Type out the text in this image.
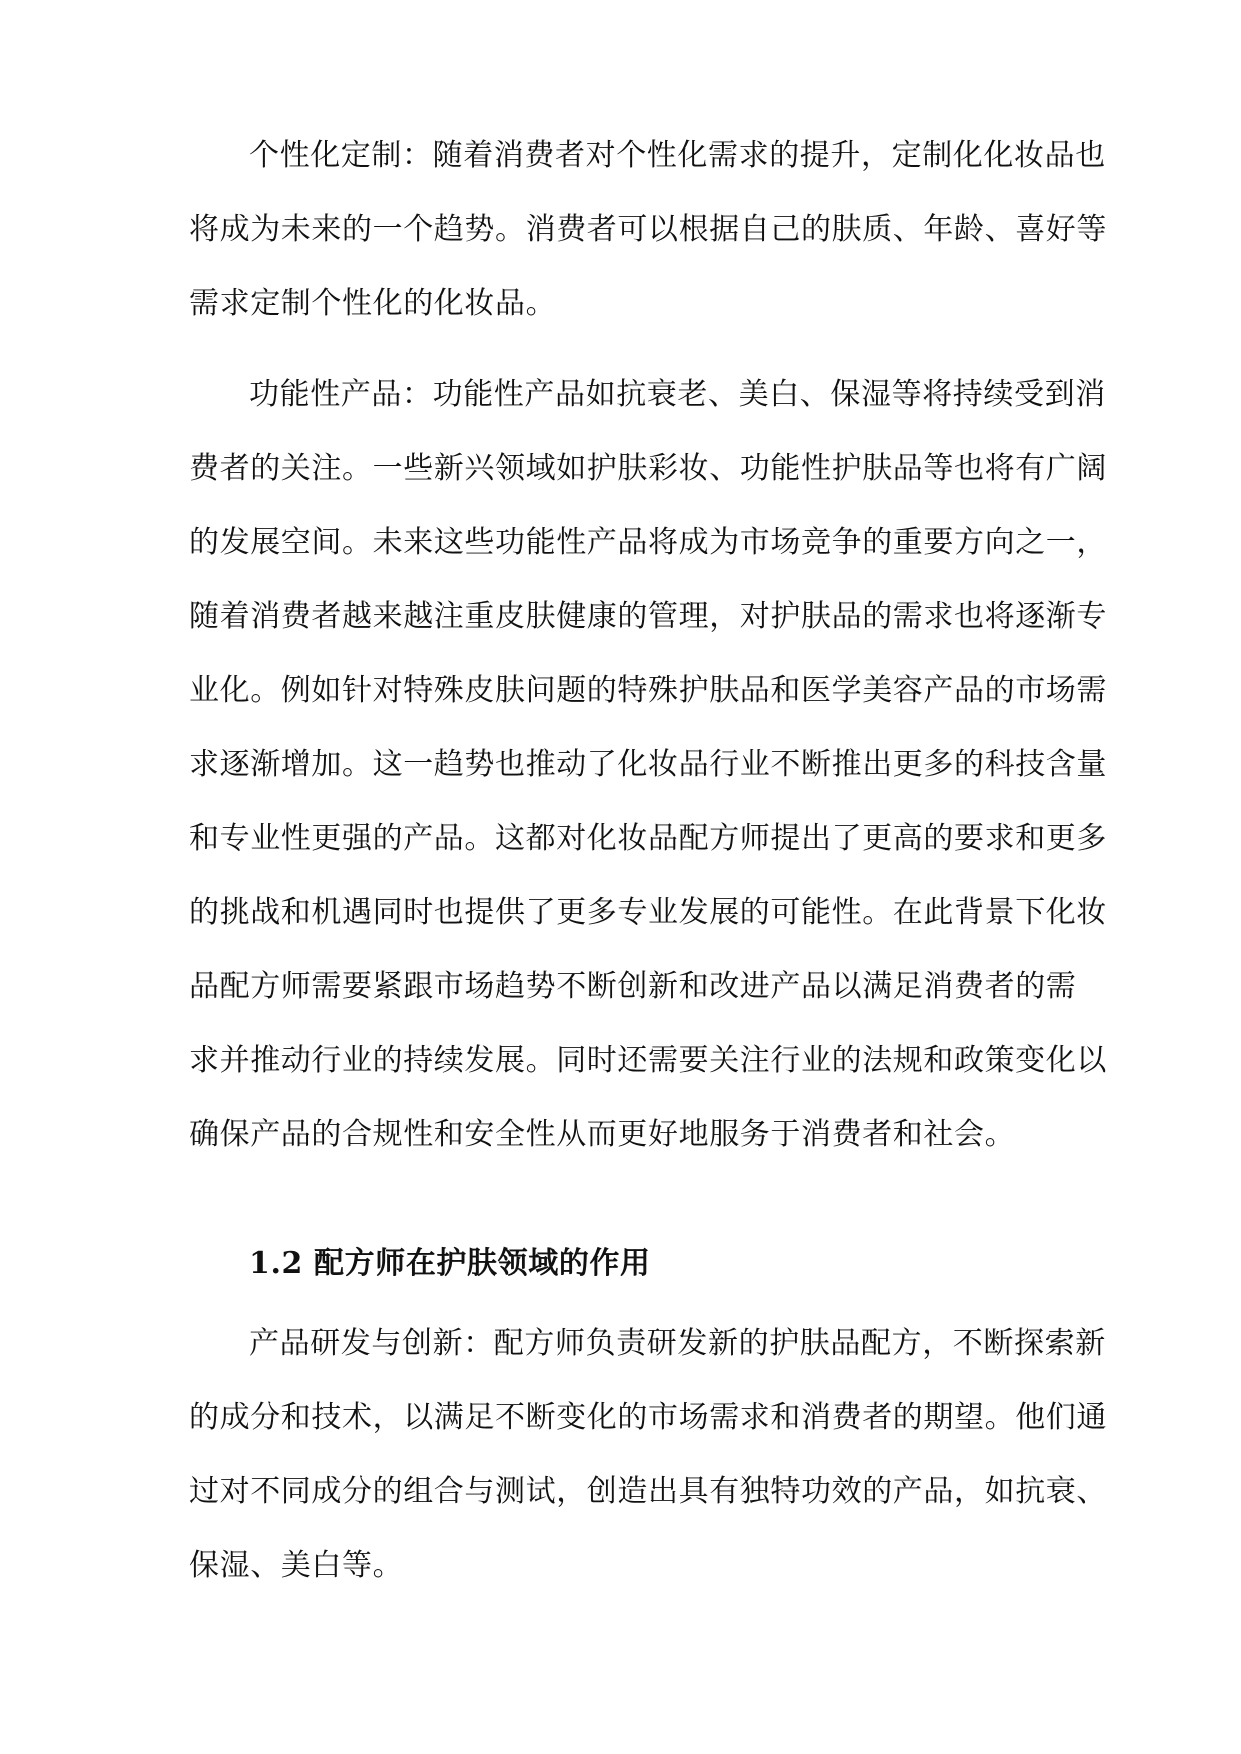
个性化定制：随着消费者对个性化需求的提升，定制化化妆品也
将成为未来的一个趋势。消费者可以根据自己的肤质、年龄、喜好等
需求定制个性化的化妆品。
功能性产品：功能性产品如抗衰老、美白、保湿等将持续受到消
费者的关注。一些新兴领域如护肤彩妆、功能性护肤品等也将有广阔
的发展空间。未来这些功能性产品将成为市场竞争的重要方向之一，
随着消费者越来越注重皮肤健康的管理，对护肤品的需求也将逐渐专
业化。例如针对特殊皮肤问题的特殊护肤品和医学美容产品的市场需
求逐渐增加。这一趋势也推动了化妆品行业不断推出更多的科技含量
和专业性更强的产品。这都对化妆品配方师提出了更高的要求和更多
的挑战和机遇同时也提供了更多专业发展的可能性。在此背景下化妆
品配方师需要紧跟市场趋势不断创新和改进产品以满足消费者的需
求并推动行业的持续发展。同时还需要关注行业的法规和政策变化以
确保产品的合规性和安全性从而更好地服务于消费者和社会。
1.2 配方师在护肤领域的作用
产品研发与创新：配方师负责研发新的护肤品配方，不断探索新
的成分和技术，以满足不断变化的市场需求和消费者的期望。他们通
过对不同成分的组合与测试，创造出具有独特功效的产品，如抗衰、
保湿、美白等。
